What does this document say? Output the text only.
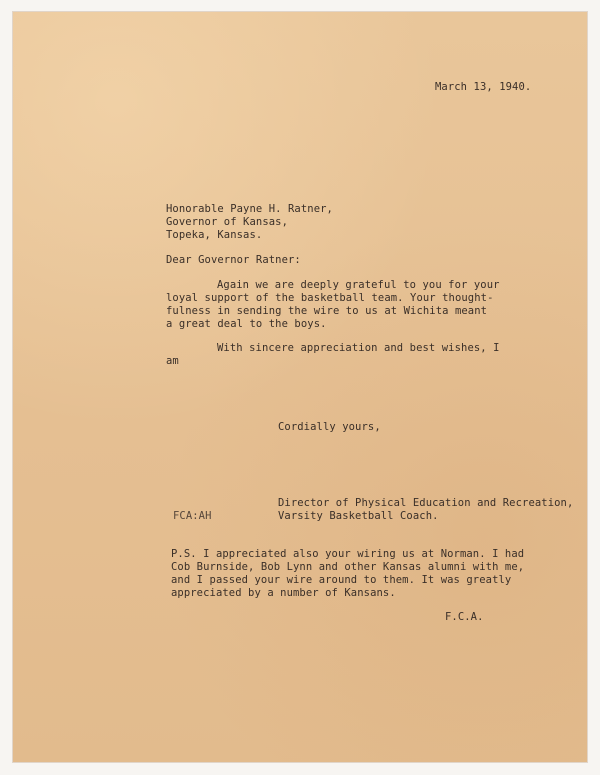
March 13, 1940.
Honorable Payne H. Ratner,
Governor of Kansas,
Topeka, Kansas.
Dear Governor Ratner:
Again we are deeply grateful to you for your
loyal support of the basketball team. Your thought-
fulness in sending the wire to us at Wichita meant
a great deal to the boys.
With sincere appreciation and best wishes, I
am
Cordially yours,
Director of Physical Education and Recreation,
FCA:AH	Varsity Basketball Coach.
P.S. I appreciated also your wiring us at Norman. I had
Cob Burnside, Bob Lynn and other Kansas alumni with me,
and I passed your wire around to them. It was greatly
appreciated by a number of Kansans.
F.C.A.
